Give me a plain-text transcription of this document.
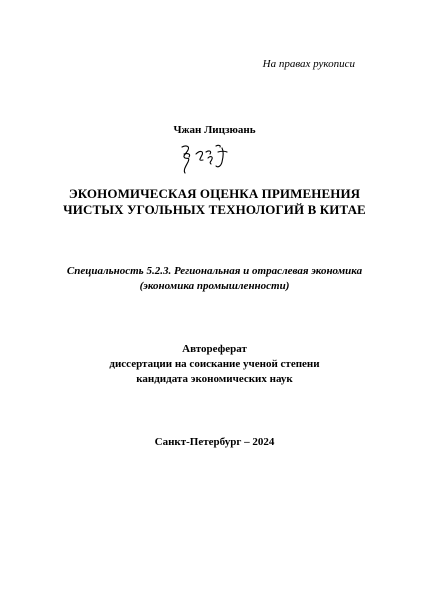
На правах рукописи
Чжан Лицзюань
ЭКОНОМИЧЕСКАЯ ОЦЕНКА ПРИМЕНЕНИЯ
ЧИСТЫХ УГОЛЬНЫХ ТЕХНОЛОГИЙ В КИТАЕ
Специальность 5.2.3. Региональная и отраслевая экономика
(экономика промышленности)
Автореферат
диссертации на соискание ученой степени
кандидата экономических наук
Санкт-Петербург – 2024
